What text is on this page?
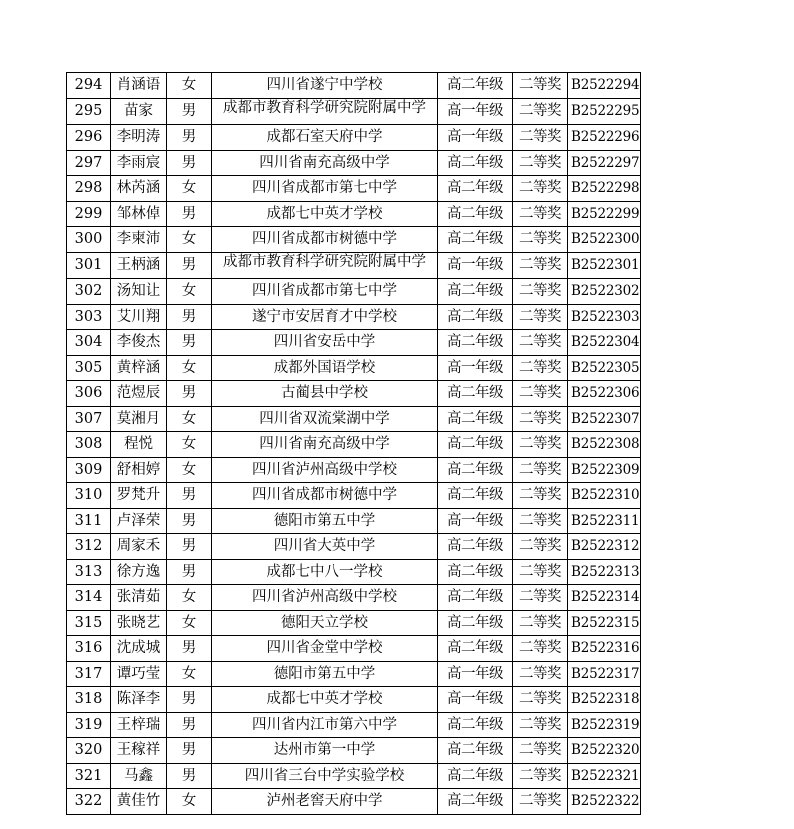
294	肖涵语	女	四川省遂宁中学校	高二年级	二等奖	B2522294
295	苗家	男	成都市教育科学研究院附属中学	高一年级	二等奖	B2522295
296	李明涛	男	成都石室天府中学	高一年级	二等奖	B2522296
297	李雨宸	男	四川省南充高级中学	高二年级	二等奖	B2522297
298	林芮涵	女	四川省成都市第七中学	高二年级	二等奖	B2522298
299	邹林倬	男	成都七中英才学校	高二年级	二等奖	B2522299
300	李柬沛	女	四川省成都市树德中学	高二年级	二等奖	B2522300
301	王柄涵	男	成都市教育科学研究院附属中学	高一年级	二等奖	B2522301
302	汤知让	女	四川省成都市第七中学	高二年级	二等奖	B2522302
303	艾川翔	男	遂宁市安居育才中学校	高二年级	二等奖	B2522303
304	李俊杰	男	四川省安岳中学	高二年级	二等奖	B2522304
305	黄梓涵	女	成都外国语学校	高一年级	二等奖	B2522305
306	范煜辰	男	古蔺县中学校	高二年级	二等奖	B2522306
307	莫湘月	女	四川省双流棠湖中学	高二年级	二等奖	B2522307
308	程悦	女	四川省南充高级中学	高二年级	二等奖	B2522308
309	舒相婷	女	四川省泸州高级中学校	高二年级	二等奖	B2522309
310	罗梵升	男	四川省成都市树德中学	高二年级	二等奖	B2522310
311	卢泽荣	男	德阳市第五中学	高一年级	二等奖	B2522311
312	周家禾	男	四川省大英中学	高二年级	二等奖	B2522312
313	徐方逸	男	成都七中八一学校	高二年级	二等奖	B2522313
314	张清茹	女	四川省泸州高级中学校	高二年级	二等奖	B2522314
315	张晓艺	女	德阳天立学校	高二年级	二等奖	B2522315
316	沈成城	男	四川省金堂中学校	高二年级	二等奖	B2522316
317	谭巧莹	女	德阳市第五中学	高一年级	二等奖	B2522317
318	陈泽李	男	成都七中英才学校	高一年级	二等奖	B2522318
319	王梓瑞	男	四川省内江市第六中学	高二年级	二等奖	B2522319
320	王稼祥	男	达州市第一中学	高二年级	二等奖	B2522320
321	马鑫	男	四川省三台中学实验学校	高二年级	二等奖	B2522321
322	黄佳竹	女	泸州老窖天府中学	高二年级	二等奖	B2522322
